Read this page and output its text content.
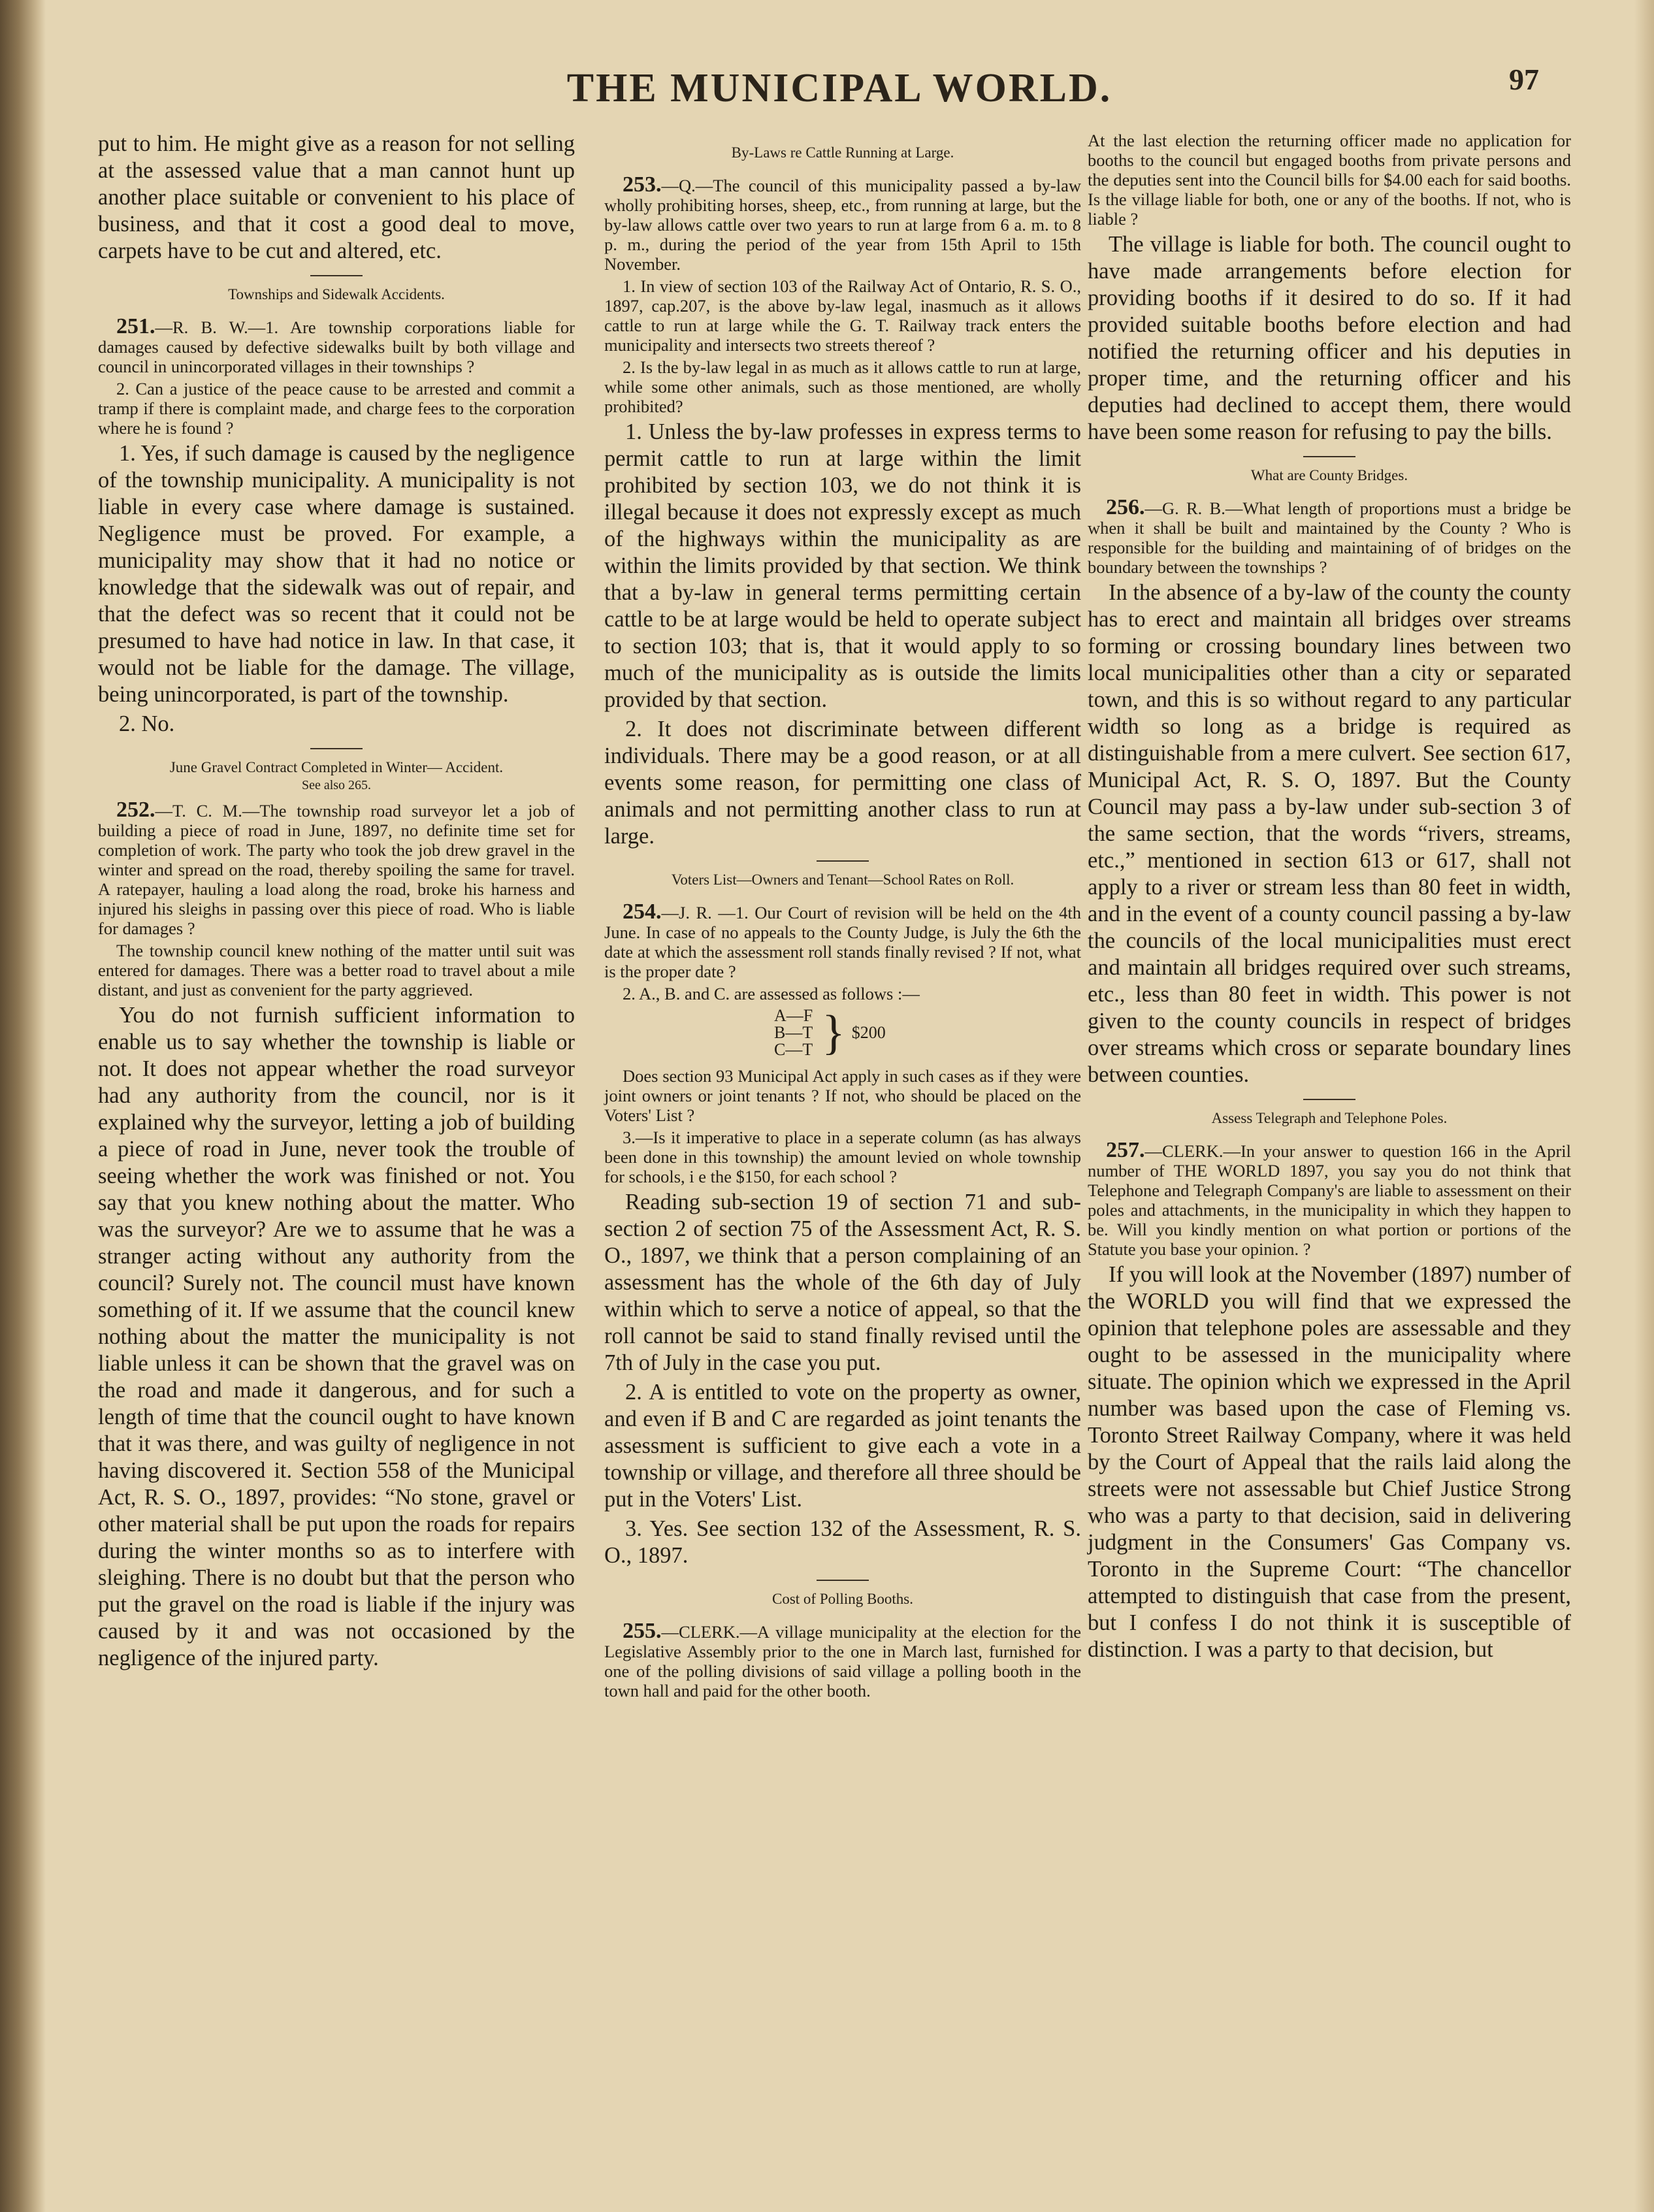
THE MUNICIPAL WORLD.	97

put to him. He might give as a reason for not selling at the assessed value that a man cannot hunt up another place suitable or convenient to his place of business, and that it cost a good deal to move, carpets have to be cut and altered, etc.

Townships and Sidewalk Accidents.

251.—R. B. W.—1. Are township corporations liable for damages caused by defective sidewalks built by both village and council in unincorporated villages in their townships ?

2. Can a justice of the peace cause to be arrested and commit a tramp if there is complaint made, and charge fees to the corporation where he is found ?

1. Yes, if such damage is caused by the negligence of the township municipality. A municipality is not liable in every case where damage is sustained. Negligence must be proved. For example, a municipality may show that it had no notice or knowledge that the sidewalk was out of repair, and that the defect was so recent that it could not be presumed to have had notice in law. In that case, it would not be liable for the damage. The village, being unincorporated, is part of the township.

2. No.

June Gravel Contract Completed in Winter— Accident.
See also 265.

252.—T. C. M.—The township road surveyor let a job of building a piece of road in June, 1897, no definite time set for completion of work. The party who took the job drew gravel in the winter and spread on the road, thereby spoiling the same for travel. A ratepayer, hauling a load along the road, broke his harness and injured his sleighs in passing over this piece of road. Who is liable for damages ?

The township council knew nothing of the matter until suit was entered for damages. There was a better road to travel about a mile distant, and just as convenient for the party aggrieved.

You do not furnish sufficient information to enable us to say whether the township is liable or not. It does not appear whether the road surveyor had any authority from the council, nor is it explained why the surveyor, letting a job of building a piece of road in June, never took the trouble of seeing whether the work was finished or not. You say that you knew nothing about the matter. Who was the surveyor? Are we to assume that he was a stranger acting without any authority from the council? Surely not. The council must have known something of it. If we assume that the council knew nothing about the matter the municipality is not liable unless it can be shown that the gravel was on the road and made it dangerous, and for such a length of time that the council ought to have known that it was there, and was guilty of negligence in not having discovered it. Section 558 of the Municipal Act, R. S. O., 1897, provides: “No stone, gravel or other material shall be put upon the roads for repairs during the winter months so as to interfere with sleighing. There is no doubt but that the person who put the gravel on the road is liable if the injury was caused by it and was not occasioned by the negligence of the injured party.

By-Laws re Cattle Running at Large.

253.—Q.—The council of this municipality passed a by-law wholly prohibiting horses, sheep, etc., from running at large, but the by-law allows cattle over two years to run at large from 6 a. m. to 8 p. m., during the period of the year from 15th April to 15th November.

1. In view of section 103 of the Railway Act of Ontario, R. S. O., 1897, cap.207, is the above by-law legal, inasmuch as it allows cattle to run at large while the G. T. Railway track enters the municipality and intersects two streets thereof ?

2. Is the by-law legal in as much as it allows cattle to run at large, while some other animals, such as those mentioned, are wholly prohibited?

1. Unless the by-law professes in express terms to permit cattle to run at large within the limit prohibited by section 103, we do not think it is illegal because it does not expressly except as much of the highways within the municipality as are within the limits provided by that section. We think that a by-law in general terms permitting certain cattle to be at large would be held to operate subject to section 103; that is, that it would apply to so much of the municipality as is outside the limits provided by that section.

2. It does not discriminate between different individuals. There may be a good reason, or at all events some reason, for permitting one class of animals and not permitting another class to run at large.

Voters List—Owners and Tenant—School Rates on Roll.

254.—J. R. —1. Our Court of revision will be held on the 4th June. In case of no appeals to the County Judge, is July the 6th the date at which the assessment roll stands finally revised ? If not, what is the proper date ?

2. A., B. and C. are assessed as follows :—

A—F
B—T
C—T } $200

Does section 93 Municipal Act apply in such cases as if they were joint owners or joint tenants ? If not, who should be placed on the Voters' List ?

3.—Is it imperative to place in a seperate column (as has always been done in this township) the amount levied on whole township for schools, i e the $150, for each school ?

Reading sub-section 19 of section 71 and sub-section 2 of section 75 of the Assessment Act, R. S. O., 1897, we think that a person complaining of an assessment has the whole of the 6th day of July within which to serve a notice of appeal, so that the roll cannot be said to stand finally revised until the 7th of July in the case you put.

2. A is entitled to vote on the property as owner, and even if B and C are regarded as joint tenants the assessment is sufficient to give each a vote in a township or village, and therefore all three should be put in the Voters' List.

3. Yes. See section 132 of the Assessment, R. S. O., 1897.

Cost of Polling Booths.

255.—CLERK.—A village municipality at the election for the Legislative Assembly prior to the one in March last, furnished for one of the polling divisions of said village a polling booth in the town hall and paid for the other booth.

At the last election the returning officer made no application for booths to the council but engaged booths from private persons and the deputies sent into the Council bills for $4.00 each for said booths. Is the village liable for both, one or any of the booths. If not, who is liable ?

The village is liable for both. The council ought to have made arrangements before election for providing booths if it desired to do so. If it had provided suitable booths before election and had notified the returning officer and his deputies in proper time, and the returning officer and his deputies had declined to accept them, there would have been some reason for refusing to pay the bills.

What are County Bridges.

256.—G. R. B.—What length of proportions must a bridge be when it shall be built and maintained by the County ? Who is responsible for the building and maintaining of of bridges on the boundary between the townships ?

In the absence of a by-law of the county the county has to erect and maintain all bridges over streams forming or crossing boundary lines between two local municipalities other than a city or separated town, and this is so without regard to any particular width so long as a bridge is required as distinguishable from a mere culvert. See section 617, Municipal Act, R. S. O, 1897. But the County Council may pass a by-law under sub-section 3 of the same section, that the words “rivers, streams, etc.,” mentioned in section 613 or 617, shall not apply to a river or stream less than 80 feet in width, and in the event of a county council passing a by-law the councils of the local municipalities must erect and maintain all bridges required over such streams, etc., less than 80 feet in width. This power is not given to the county councils in respect of bridges over streams which cross or separate boundary lines between counties.

Assess Telegraph and Telephone Poles.

257.—CLERK.—In your answer to question 166 in the April number of THE WORLD 1897, you say you do not think that Telephone and Telegraph Company's are liable to assessment on their poles and attachments, in the municipality in which they happen to be. Will you kindly mention on what portion or portions of the Statute you base your opinion. ?

If you will look at the November (1897) number of the WORLD you will find that we expressed the opinion that telephone poles are assessable and they ought to be assessed in the municipality where situate. The opinion which we expressed in the April number was based upon the case of Fleming vs. Toronto Street Railway Company, where it was held by the Court of Appeal that the rails laid along the streets were not assessable but Chief Justice Strong who was a party to that decision, said in delivering judgment in the Consumers' Gas Company vs. Toronto in the Supreme Court: “The chancellor attempted to distinguish that case from the present, but I confess I do not think it is susceptible of distinction. I was a party to that decision, but
